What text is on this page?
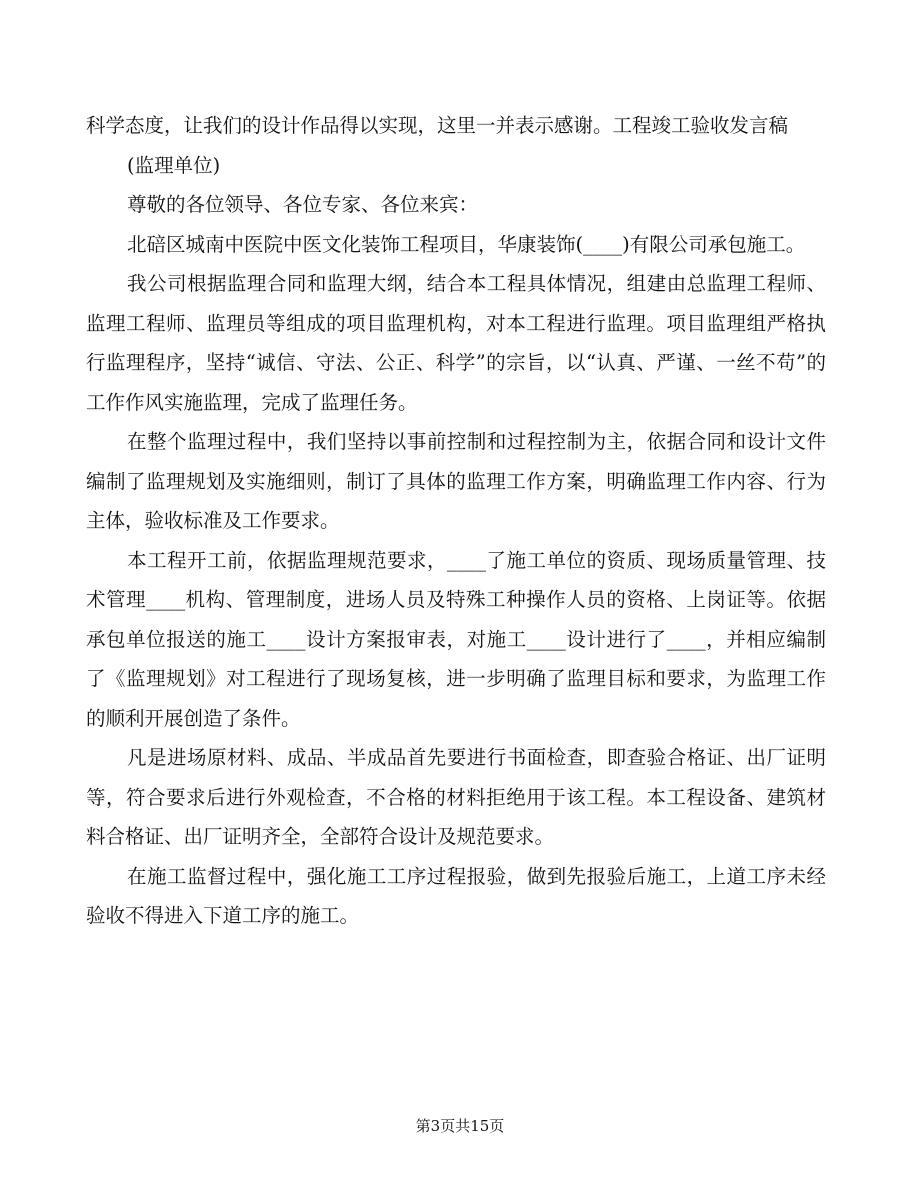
科学态度，让我们的设计作品得以实现，这里一并表示感谢。工程竣工验收发言稿

(监理单位)

尊敬的各位领导、各位专家、各位来宾：

北碚区城南中医院中医文化装饰工程项目，华康装饰(____)有限公司承包施工。

我公司根据监理合同和监理大纲，结合本工程具体情况，组建由总监理工程师、监理工程师、监理员等组成的项目监理机构，对本工程进行监理。项目监理组严格执行监理程序，坚持“诚信、守法、公正、科学”的宗旨，以“认真、严谨、一丝不苟”的工作作风实施监理，完成了监理任务。

在整个监理过程中，我们坚持以事前控制和过程控制为主，依据合同和设计文件编制了监理规划及实施细则，制订了具体的监理工作方案，明确监理工作内容、行为主体，验收标准及工作要求。

本工程开工前，依据监理规范要求，____了施工单位的资质、现场质量管理、技术管理____机构、管理制度，进场人员及特殊工种操作人员的资格、上岗证等。依据承包单位报送的施工____设计方案报审表，对施工____设计进行了____，并相应编制了《监理规划》对工程进行了现场复核，进一步明确了监理目标和要求，为监理工作的顺利开展创造了条件。

凡是进场原材料、成品、半成品首先要进行书面检查，即查验合格证、出厂证明等，符合要求后进行外观检查，不合格的材料拒绝用于该工程。本工程设备、建筑材料合格证、出厂证明齐全，全部符合设计及规范要求。

在施工监督过程中，强化施工工序过程报验，做到先报验后施工，上道工序未经验收不得进入下道工序的施工。

第3页共15页
